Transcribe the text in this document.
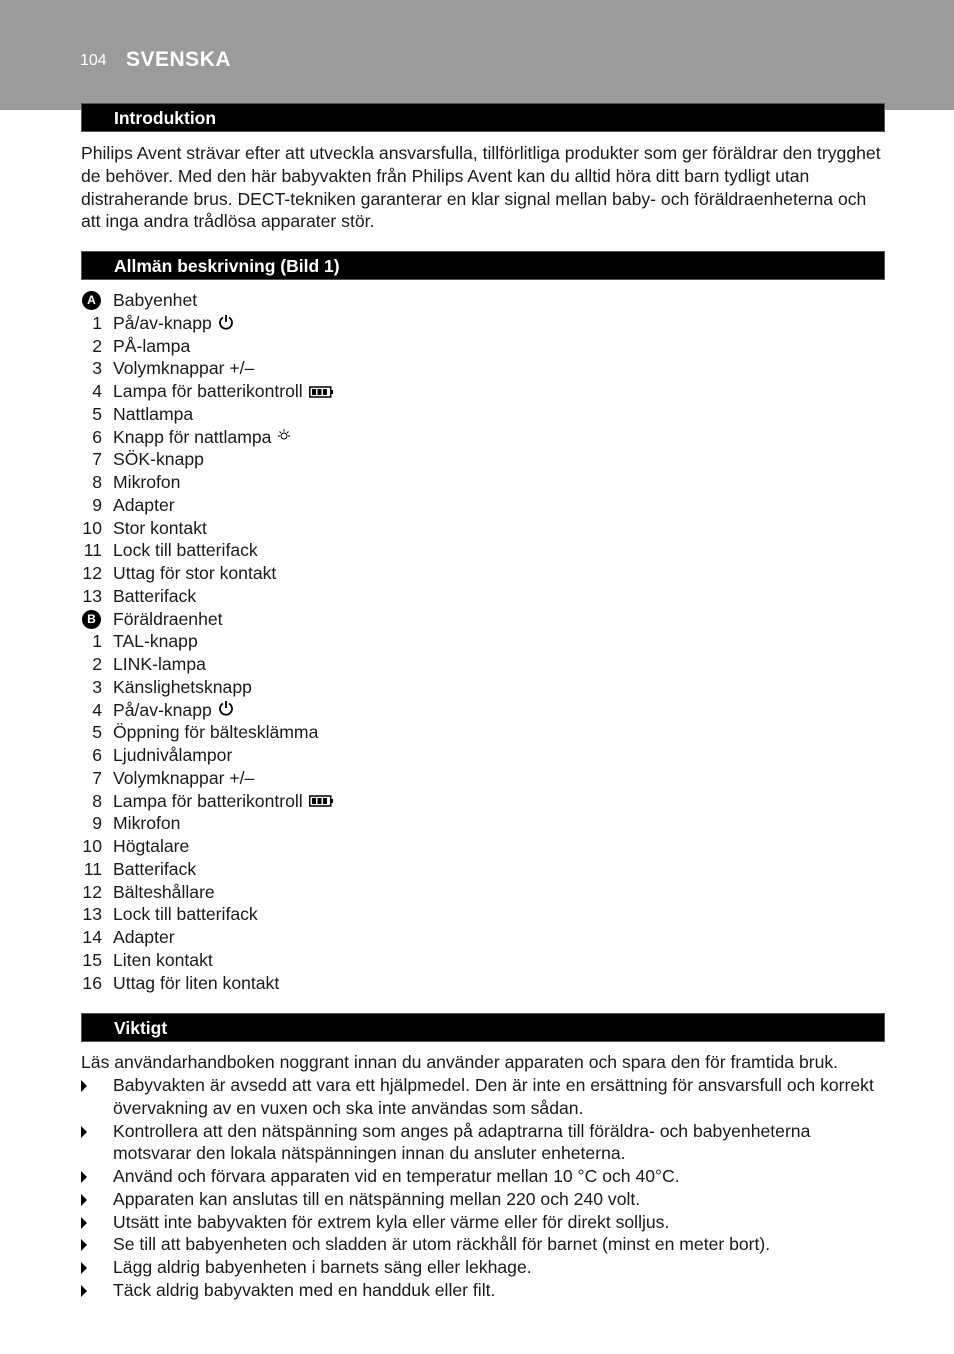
104 SVENSKA
Introduktion

Philips Avent strävar efter att utveckla ansvarsfulla, tillförlitliga produkter som ger föräldrar den trygghet de behöver. Med den här babyvakten från Philips Avent kan du alltid höra ditt barn tydligt utan distraherande brus. DECT-tekniken garanterar en klar signal mellan baby- och föräldraenheterna och att inga andra trådlösa apparater stör.

Allmän beskrivning (Bild 1)
A Babyenhet
1 På/av-knapp
2 PÅ-lampa
3 Volymknappar +/–
4 Lampa för batterikontroll
5 Nattlampa
6 Knapp för nattlampa
7 SÖK-knapp
8 Mikrofon
9 Adapter
10 Stor kontakt
11 Lock till batterifack
12 Uttag för stor kontakt
13 Batterifack
B Föräldraenhet
1 TAL-knapp
2 LINK-lampa
3 Känslighetsknapp
4 På/av-knapp
5 Öppning för bältesklämma
6 Ljudnivålampor
7 Volymknappar +/–
8 Lampa för batterikontroll
9 Mikrofon
10 Högtalare
11 Batterifack
12 Bälteshållare
13 Lock till batterifack
14 Adapter
15 Liten kontakt
16 Uttag för liten kontakt
Viktigt

Läs användarhandboken noggrant innan du använder apparaten och spara den för framtida bruk.

Babyvakten är avsedd att vara ett hjälpmedel. Den är inte en ersättning för ansvarsfull och korrekt övervakning av en vuxen och ska inte användas som sådan.
Kontrollera att den nätspänning som anges på adaptrarna till föräldra- och babyenheterna motsvarar den lokala nätspänningen innan du ansluter enheterna.
Använd och förvara apparaten vid en temperatur mellan 10 °C och 40°C.
Apparaten kan anslutas till en nätspänning mellan 220 och 240 volt.
Utsätt inte babyvakten för extrem kyla eller värme eller för direkt solljus.
Se till att babyenheten och sladden är utom räckhåll för barnet (minst en meter bort).
Lägg aldrig babyenheten i barnets säng eller lekhage.
Täck aldrig babyvakten med en handduk eller filt.
